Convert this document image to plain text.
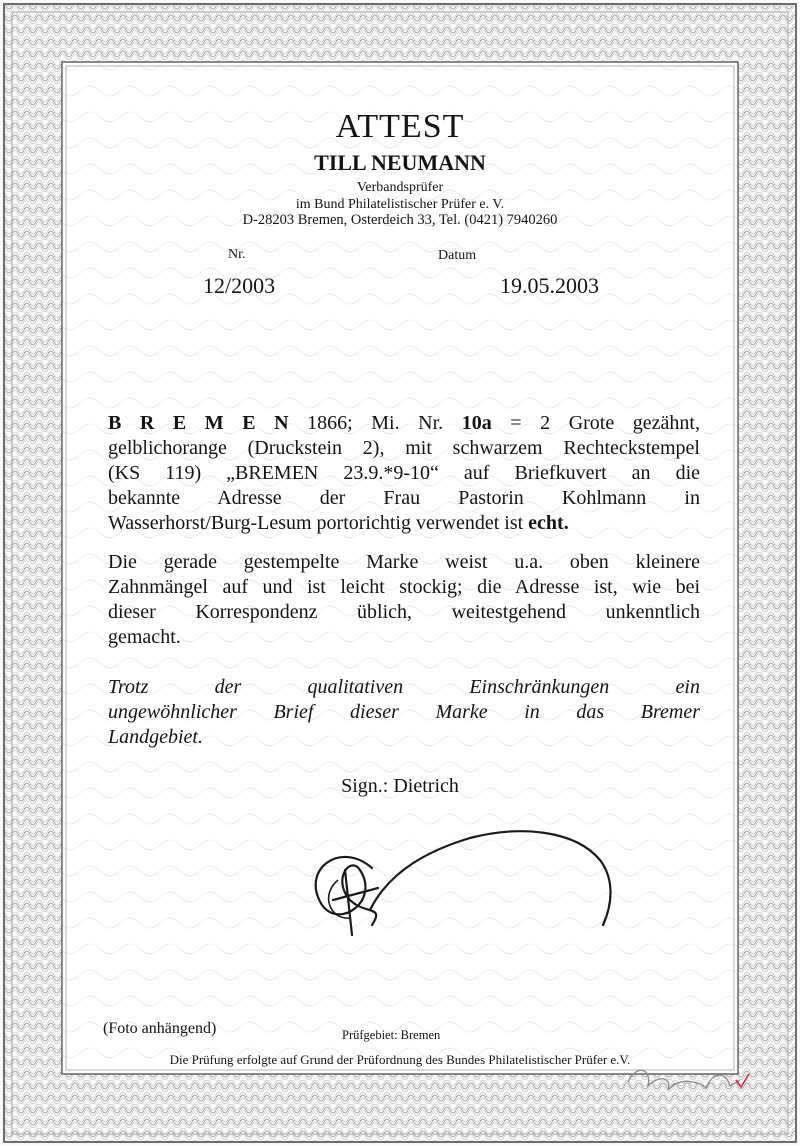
ATTEST
TILL NEUMANN
Verbandsprüfer
im Bund Philatelistischer Prüfer e. V.
D-28203 Bremen, Osterdeich 33, Tel. (0421) 7940260
Nr.
12/2003
Datum
19.05.2003

B R E M E N 1866; Mi. Nr. 10a = 2 Grote gezähnt,
gelblichorange (Druckstein 2), mit schwarzem Rechteckstempel
(KS 119) „BREMEN 23.9.*9-10“ auf Briefkuvert an die
bekannte Adresse der Frau Pastorin Kohlmann in
Wasserhorst/Burg-Lesum portorichtig verwendet ist echt.

Die gerade gestempelte Marke weist u.a. oben kleinere
Zahnmängel auf und ist leicht stockig; die Adresse ist, wie bei
dieser Korrespondenz üblich, weitestgehend unkenntlich
gemacht.

Trotz der qualitativen Einschränkungen ein
ungewöhnlicher Brief dieser Marke in das Bremer
Landgebiet.

Sign.: Dietrich
(Foto anhängend)	Prüfgebiet: Bremen
Die Prüfung erfolgte auf Grund der Prüfordnung des Bundes Philatelistischer Prüfer e.V.
